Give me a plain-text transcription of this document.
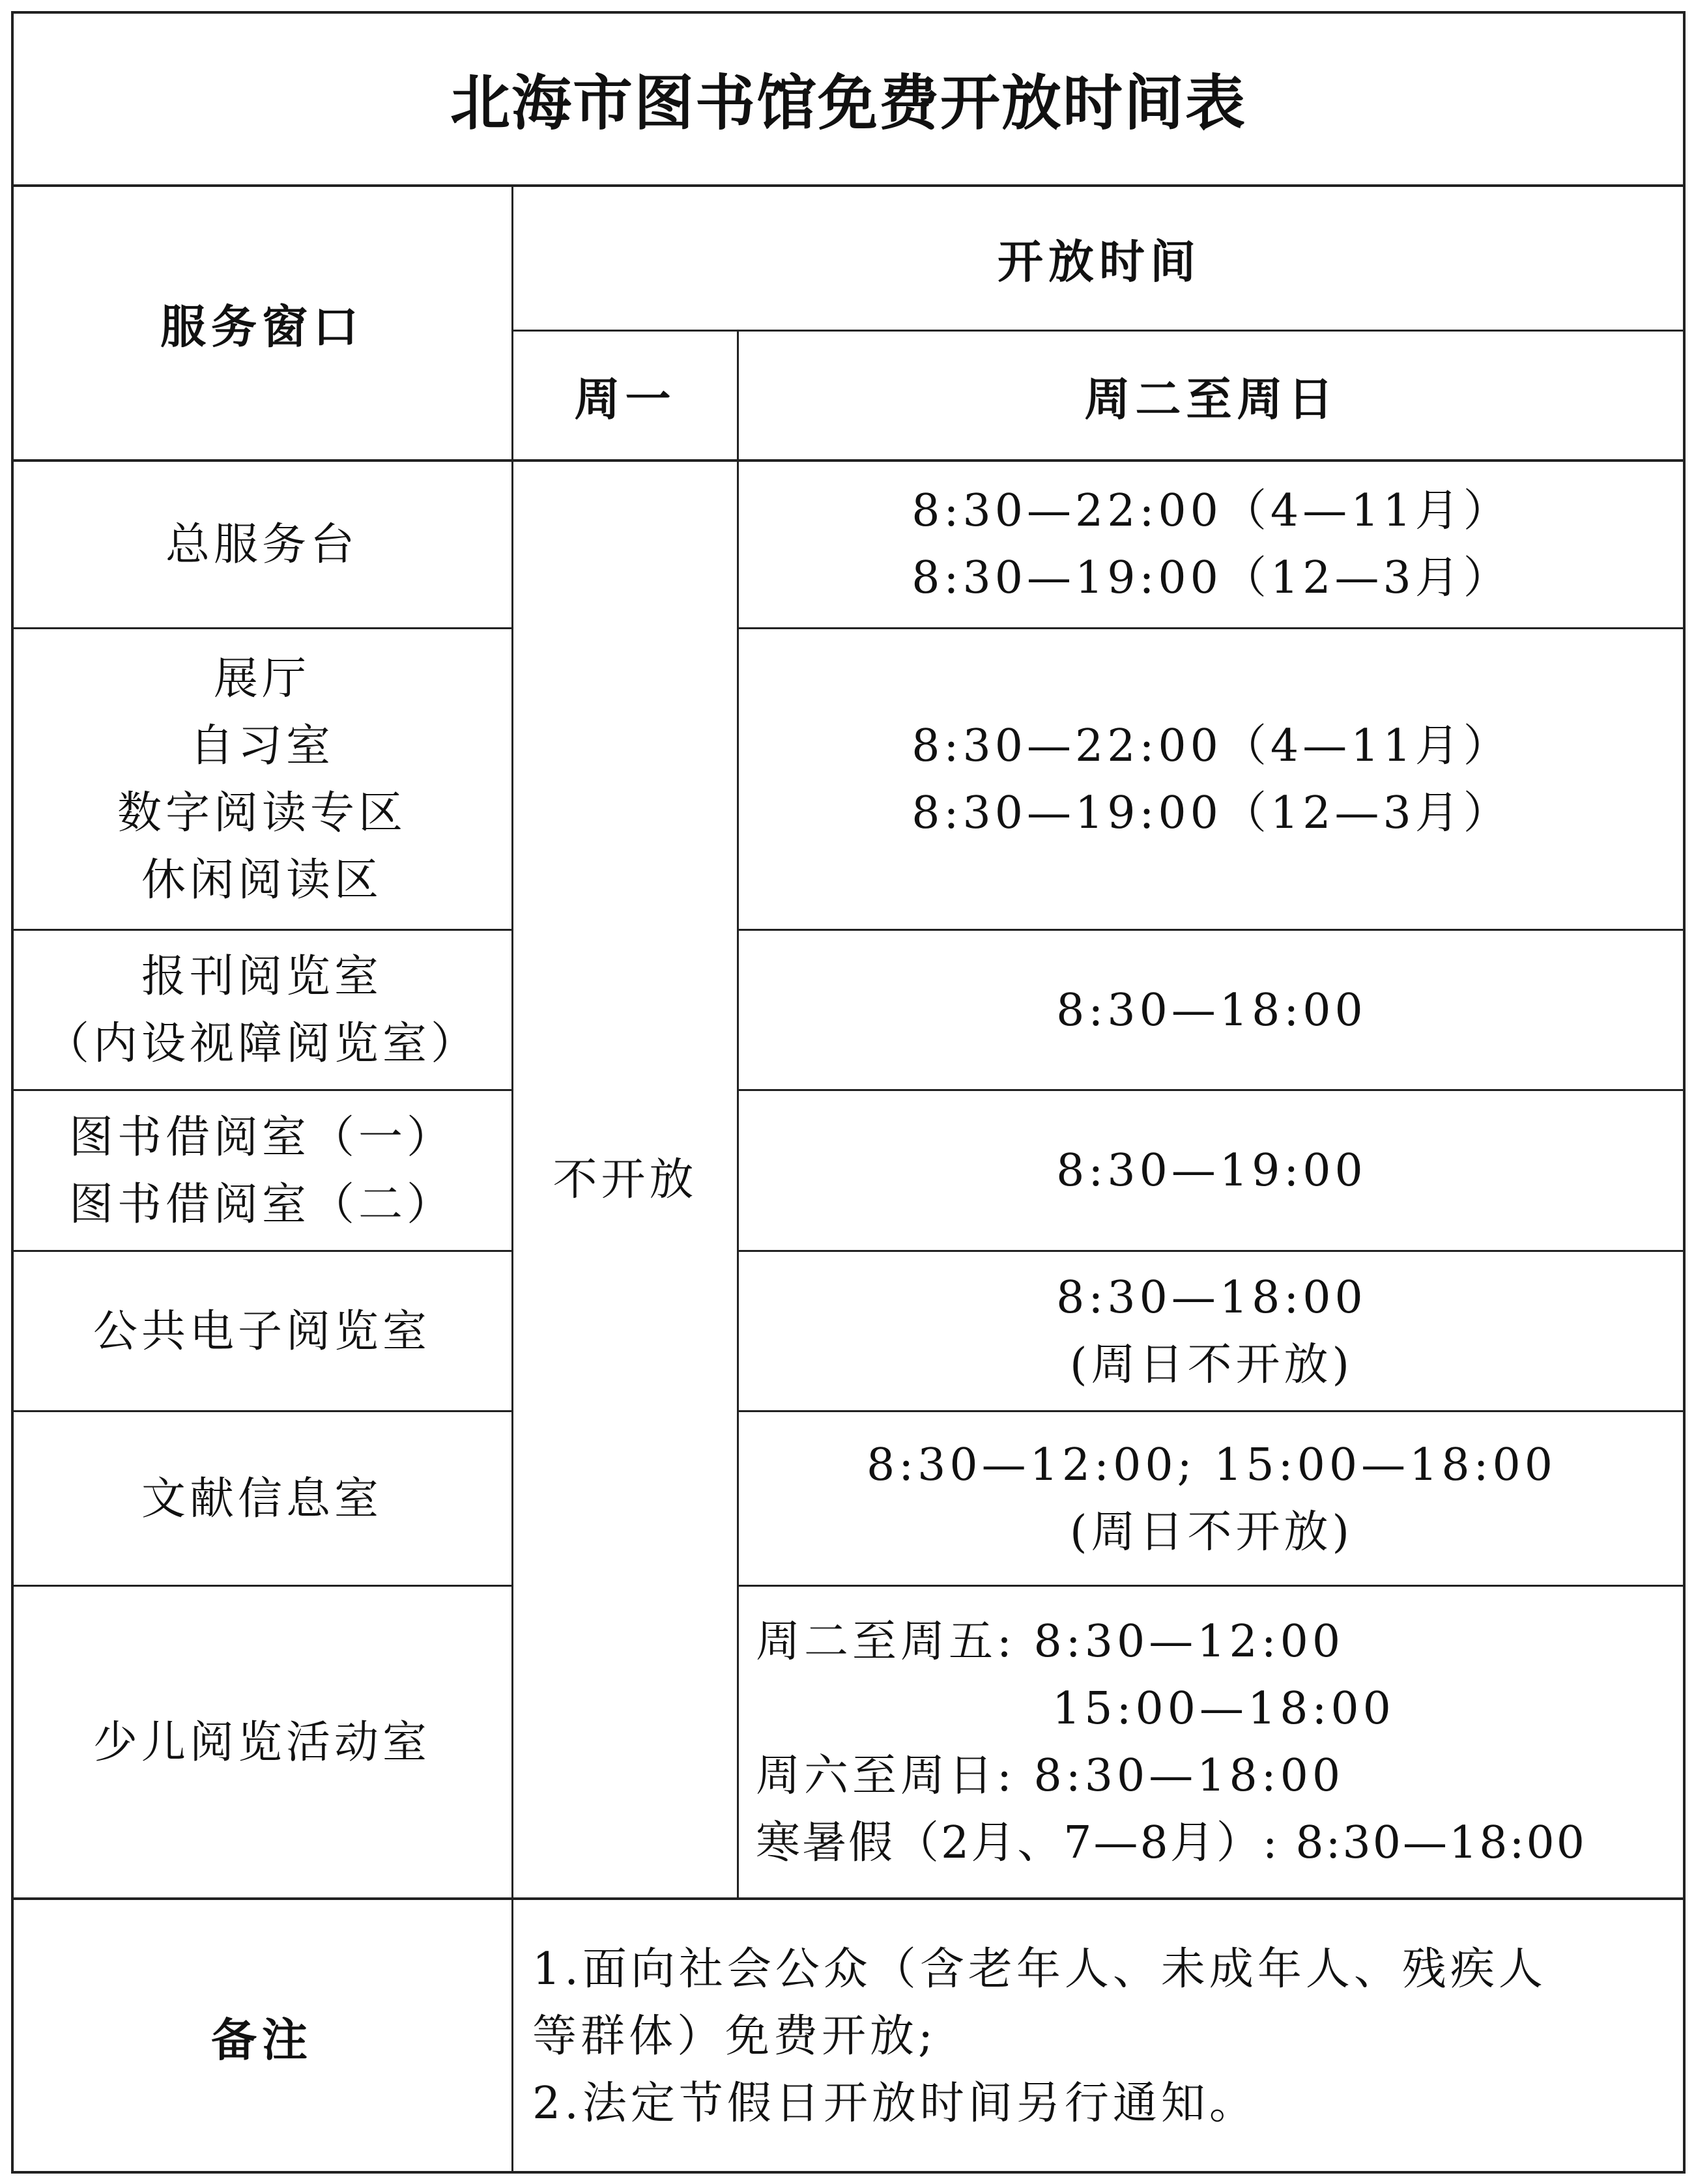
北海市图书馆免费开放时间表
服务窗口
开放时间
周一	周二至周日
不开放
总服务台
8:30—22:00（4—11月）
8:30—19:00（12—3月）
展厅
自习室
数字阅读专区
休闲阅读区
8:30—22:00（4—11月）
8:30—19:00（12—3月）
报刊阅览室
（内设视障阅览室）
8:30—18:00
图书借阅室（一）
图书借阅室（二）
8:30—19:00
公共电子阅览室
8:30—18:00
(周日不开放)
文献信息室
8:30—12:00; 15:00—18:00
(周日不开放)
少儿阅览活动室
周二至周五: 8:30—12:00
15:00—18:00
周六至周日: 8:30—18:00
寒暑假（2月、7—8月）: 8:30—18:00
备注
1.面向社会公众（含老年人、未成年人、残疾人
等群体）免费开放;
2.法定节假日开放时间另行通知。
